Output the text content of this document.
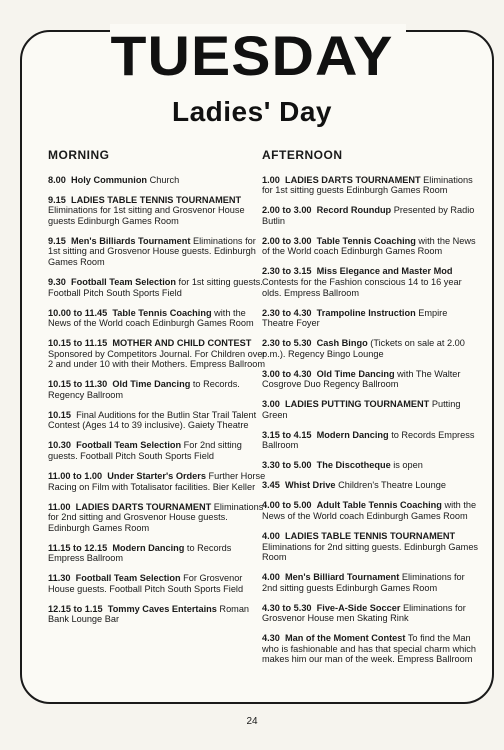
TUESDAY
Ladies' Day
MORNING
8.00 Holy Communion Church
9.15 LADIES TABLE TENNIS TOURNAMENT Eliminations for 1st sitting and Grosvenor House guests Edinburgh Games Room
9.15 Men's Billiards Tournament Eliminations for 1st sitting and Grosvenor House guests. Edinburgh Games Room
9.30 Football Team Selection for 1st sitting guests. Football Pitch South Sports Field
10.00 to 11.45 Table Tennis Coaching with the News of the World coach Edinburgh Games Room
10.15 to 11.15 MOTHER AND CHILD CONTEST Sponsored by Competitors Journal. For Children over 2 and under 10 with their Mothers. Empress Ballroom
10.15 to 11.30 Old Time Dancing to Records. Regency Ballroom
10.15 Final Auditions for the Butlin Star Trail Talent Contest (Ages 14 to 39 inclusive). Gaiety Theatre
10.30 Football Team Selection For 2nd sitting guests. Football Pitch South Sports Field
11.00 to 1.00 Under Starter's Orders Further Horse Racing on Film with Totalisator facilities. Bier Keller
11.00 LADIES DARTS TOURNAMENT Eliminations for 2nd sitting and Grosvenor House guests. Edinburgh Games Room
11.15 to 12.15 Modern Dancing to Records Empress Ballroom
11.30 Football Team Selection For Grosvenor House guests. Football Pitch South Sports Field
12.15 to 1.15 Tommy Caves Entertains Roman Bank Lounge Bar
AFTERNOON
1.00 LADIES DARTS TOURNAMENT Eliminations for 1st sitting guests Edinburgh Games Room
2.00 to 3.00 Record Roundup Presented by Radio Butlin
2.00 to 3.00 Table Tennis Coaching with the News of the World coach Edinburgh Games Room
2.30 to 3.15 Miss Elegance and Master Mod Contests for the Fashion conscious 14 to 16 year olds. Empress Ballroom
2.30 to 4.30 Trampoline Instruction Empire Theatre Foyer
2.30 to 5.30 Cash Bingo (Tickets on sale at 2.00 p.m.). Regency Bingo Lounge
3.00 to 4.30 Old Time Dancing with The Walter Cosgrove Duo Regency Ballroom
3.00 LADIES PUTTING TOURNAMENT Putting Green
3.15 to 4.15 Modern Dancing to Records Empress Ballroom
3.30 to 5.00 The Discotheque is open
3.45 Whist Drive Children's Theatre Lounge
4.00 to 5.00 Adult Table Tennis Coaching with the News of the World coach Edinburgh Games Room
4.00 LADIES TABLE TENNIS TOURNAMENT Eliminations for 2nd sitting guests. Edinburgh Games Room
4.00 Men's Billiard Tournament Eliminations for 2nd sitting guests Edinburgh Games Room
4.30 to 5.30 Five-A-Side Soccer Eliminations for Grosvenor House men Skating Rink
4.30 Man of the Moment Contest To find the Man who is fashionable and has that special charm which makes him our man of the week. Empress Ballroom
24
